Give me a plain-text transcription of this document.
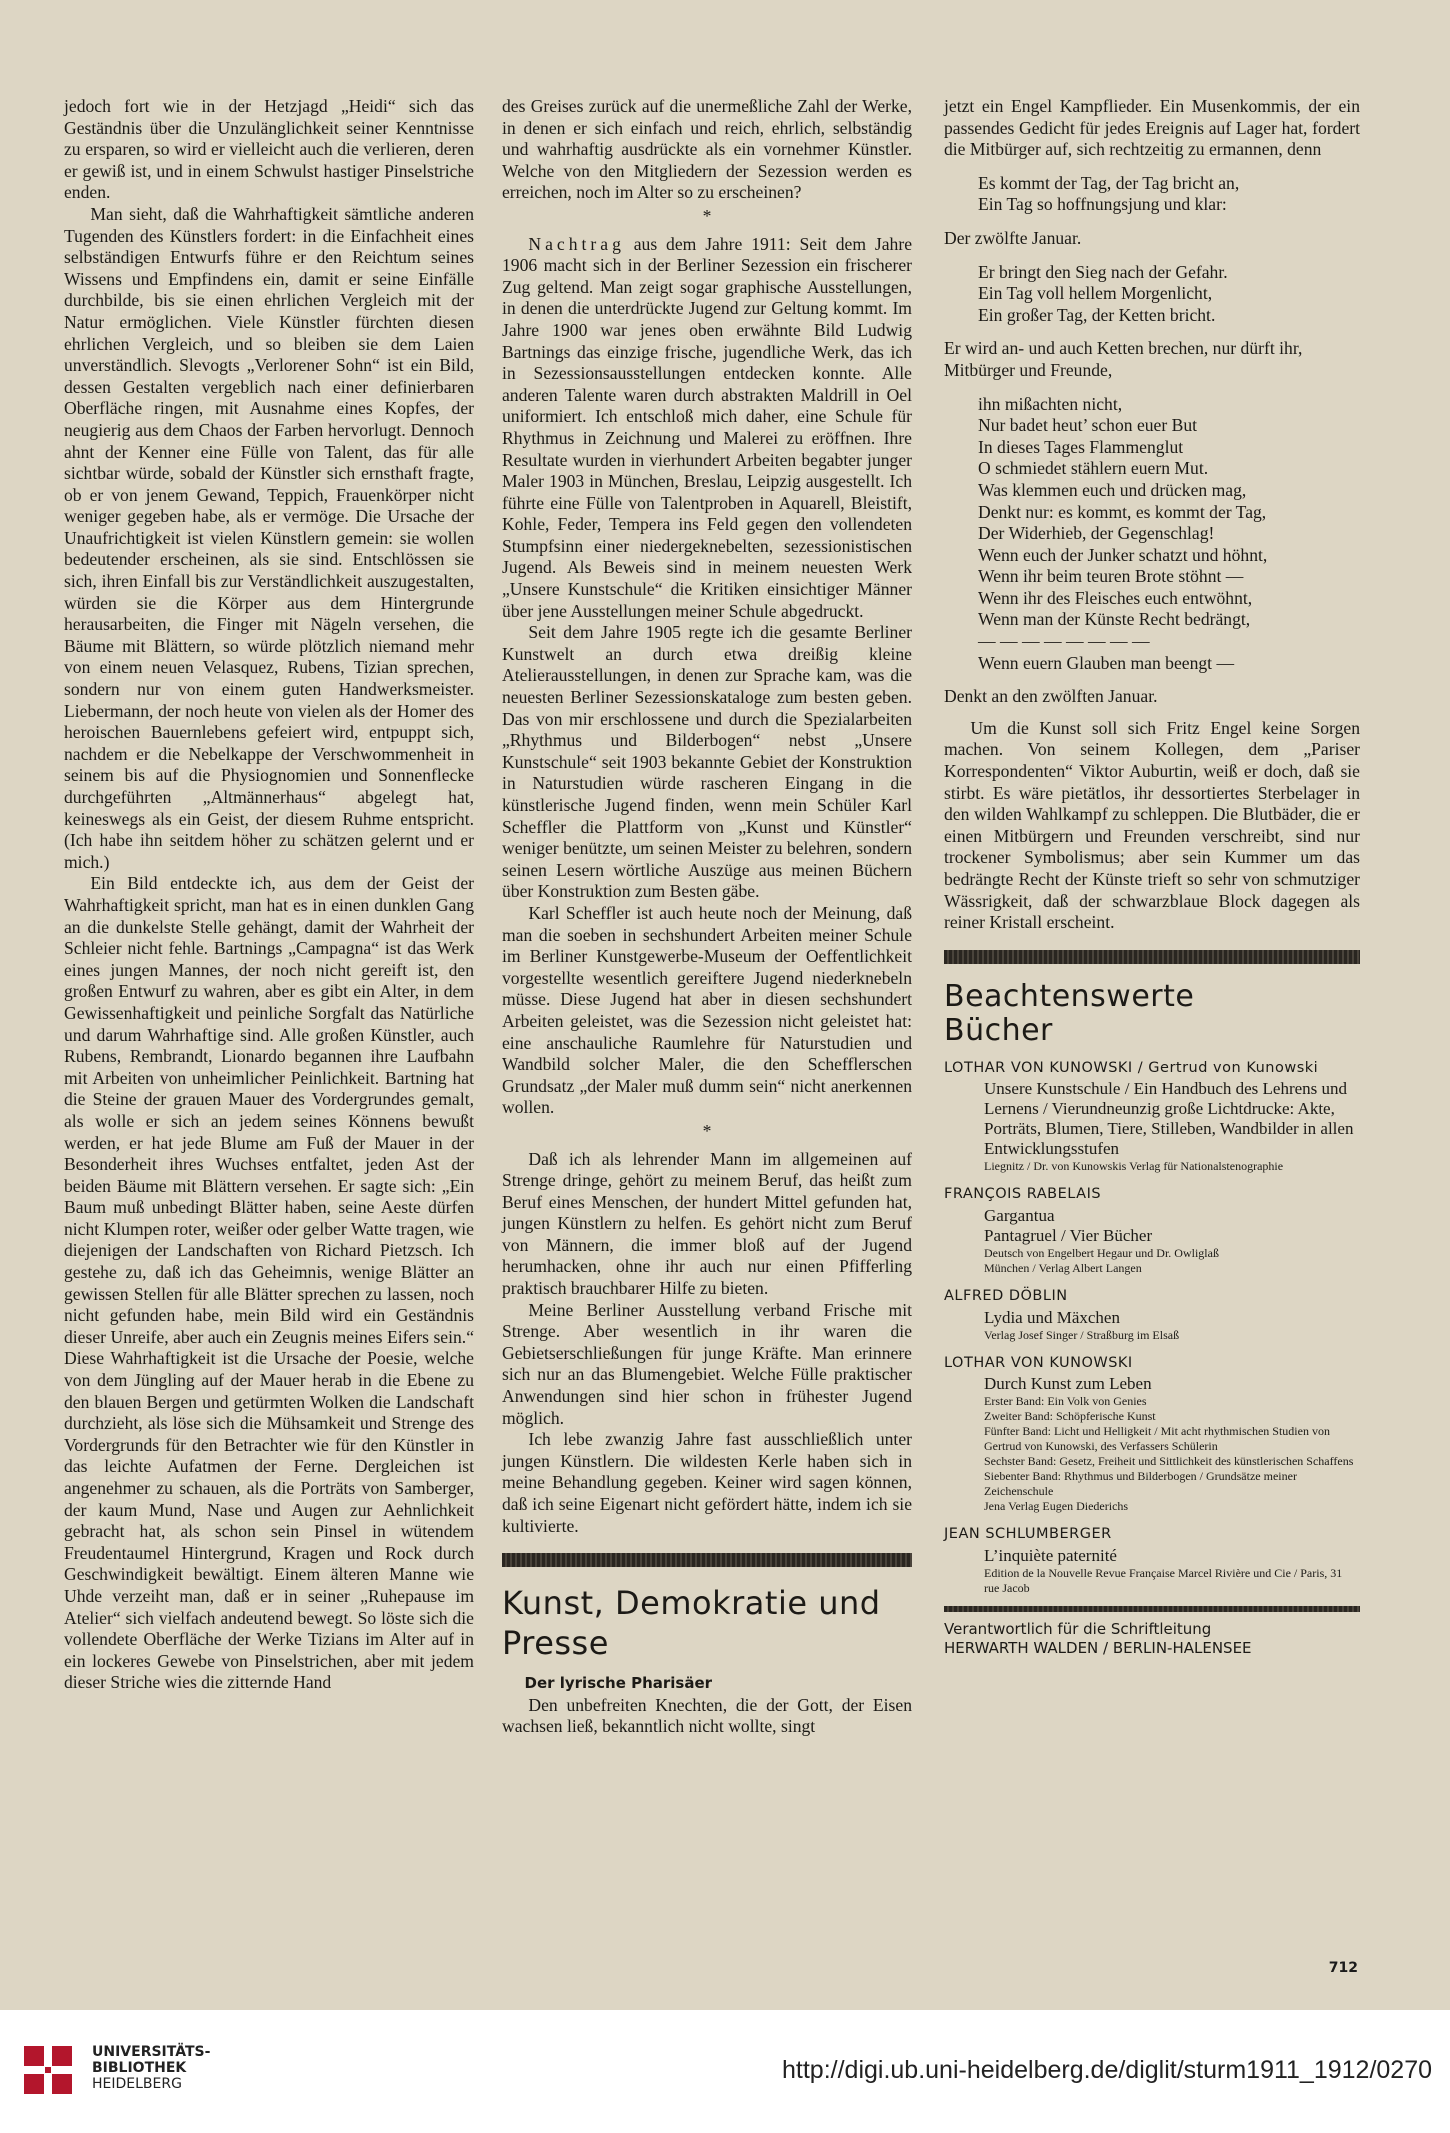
jedoch fort wie in der Hetzjagd „Heidi“ sich das Geständnis über die Unzulänglichkeit seiner Kenntnisse zu ersparen, so wird er vielleicht auch die verlieren, deren er gewiß ist, und in einem Schwulst hastiger Pinselstriche enden.

Man sieht, daß die Wahrhaftigkeit sämtliche anderen Tugenden des Künstlers fordert: in die Einfachheit eines selbständigen Entwurfs führe er den Reichtum seines Wissens und Empfindens ein, damit er seine Einfälle durchbilde, bis sie einen ehrlichen Vergleich mit der Natur ermöglichen. Viele Künstler fürchten diesen ehrlichen Vergleich, und so bleiben sie dem Laien unverständlich. Slevogts „Verlorener Sohn“ ist ein Bild, dessen Gestalten vergeblich nach einer definierbaren Oberfläche ringen, mit Ausnahme eines Kopfes, der neugierig aus dem Chaos der Farben hervorlugt. Dennoch ahnt der Kenner eine Fülle von Talent, das für alle sichtbar würde, sobald der Künstler sich ernsthaft fragte, ob er von jenem Gewand, Teppich, Frauenkörper nicht weniger gegeben habe, als er vermöge. Die Ursache der Unaufrichtigkeit ist vielen Künstlern gemein: sie wollen bedeutender erscheinen, als sie sind. Entschlössen sie sich, ihren Einfall bis zur Verständlichkeit auszugestalten, würden sie die Körper aus dem Hintergrunde herausarbeiten, die Finger mit Nägeln versehen, die Bäume mit Blättern, so würde plötzlich niemand mehr von einem neuen Velasquez, Rubens, Tizian sprechen, sondern nur von einem guten Handwerksmeister. Liebermann, der noch heute von vielen als der Homer des heroischen Bauernlebens gefeiert wird, entpuppt sich, nachdem er die Nebelkappe der Verschwommenheit in seinem bis auf die Physiognomien und Sonnenflecke durchgeführten „Altmännerhaus“ abgelegt hat, keineswegs als ein Geist, der diesem Ruhme entspricht. (Ich habe ihn seitdem höher zu schätzen gelernt und er mich.)

Ein Bild entdeckte ich, aus dem der Geist der Wahrhaftigkeit spricht, man hat es in einen dunklen Gang an die dunkelste Stelle gehängt, damit der Wahrheit der Schleier nicht fehle. Bartnings „Campagna“ ist das Werk eines jungen Mannes, der noch nicht gereift ist, den großen Entwurf zu wahren, aber es gibt ein Alter, in dem Gewissenhaftigkeit und peinliche Sorgfalt das Natürliche und darum Wahrhaftige sind. Alle großen Künstler, auch Rubens, Rembrandt, Lionardo begannen ihre Laufbahn mit Arbeiten von unheimlicher Peinlichkeit. Bartning hat die Steine der grauen Mauer des Vordergrundes gemalt, als wolle er sich an jedem seines Könnens bewußt werden, er hat jede Blume am Fuß der Mauer in der Besonderheit ihres Wuchses entfaltet, jeden Ast der beiden Bäume mit Blättern versehen. Er sagte sich: „Ein Baum muß unbedingt Blätter haben, seine Aeste dürfen nicht Klumpen roter, weißer oder gelber Watte tragen, wie diejenigen der Landschaften von Richard Pietzsch. Ich gestehe zu, daß ich das Geheimnis, wenige Blätter an gewissen Stellen für alle Blätter sprechen zu lassen, noch nicht gefunden habe, mein Bild wird ein Geständnis dieser Unreife, aber auch ein Zeugnis meines Eifers sein.“ Diese Wahrhaftigkeit ist die Ursache der Poesie, welche von dem Jüngling auf der Mauer herab in die Ebene zu den blauen Bergen und getürmten Wolken die Landschaft durchzieht, als löse sich die Mühsamkeit und Strenge des Vordergrunds für den Betrachter wie für den Künstler in das leichte Aufatmen der Ferne. Dergleichen ist angenehmer zu schauen, als die Porträts von Samberger, der kaum Mund, Nase und Augen zur Aehnlichkeit gebracht hat, als schon sein Pinsel in wütendem Freudentaumel Hintergrund, Kragen und Rock durch Geschwindigkeit bewältigt. Einem älteren Manne wie Uhde verzeiht man, daß er in seiner „Ruhepause im Atelier“ sich vielfach andeutend bewegt. So löste sich die vollendete Oberfläche der Werke Tizians im Alter auf in ein lockeres Gewebe von Pinselstrichen, aber mit jedem dieser Striche wies die zitternde Hand

des Greises zurück auf die unermeßliche Zahl der Werke, in denen er sich einfach und reich, ehrlich, selbständig und wahrhaftig ausdrückte als ein vornehmer Künstler. Welche von den Mitgliedern der Sezession werden es erreichen, noch im Alter so zu erscheinen?

*

Nachtrag aus dem Jahre 1911: Seit dem Jahre 1906 macht sich in der Berliner Sezession ein frischerer Zug geltend. Man zeigt sogar graphische Ausstellungen, in denen die unterdrückte Jugend zur Geltung kommt. Im Jahre 1900 war jenes oben erwähnte Bild Ludwig Bartnings das einzige frische, jugendliche Werk, das ich in Sezessionsausstellungen entdecken konnte. Alle anderen Talente waren durch abstrakten Maldrill in Oel uniformiert. Ich entschloß mich daher, eine Schule für Rhythmus in Zeichnung und Malerei zu eröffnen. Ihre Resultate wurden in vierhundert Arbeiten begabter junger Maler 1903 in München, Breslau, Leipzig ausgestellt. Ich führte eine Fülle von Talentproben in Aquarell, Bleistift, Kohle, Feder, Tempera ins Feld gegen den vollendeten Stumpfsinn einer niedergeknebelten, sezessionistischen Jugend. Als Beweis sind in meinem neuesten Werk „Unsere Kunstschule“ die Kritiken einsichtiger Männer über jene Ausstellungen meiner Schule abgedruckt.

Seit dem Jahre 1905 regte ich die gesamte Berliner Kunstwelt an durch etwa dreißig kleine Atelierausstellungen, in denen zur Sprache kam, was die neuesten Berliner Sezessionskataloge zum besten geben. Das von mir erschlossene und durch die Spezialarbeiten „Rhythmus und Bilderbogen“ nebst „Unsere Kunstschule“ seit 1903 bekannte Gebiet der Konstruktion in Naturstudien würde rascheren Eingang in die künstlerische Jugend finden, wenn mein Schüler Karl Scheffler die Plattform von „Kunst und Künstler“ weniger benützte, um seinen Meister zu belehren, sondern seinen Lesern wörtliche Auszüge aus meinen Büchern über Konstruktion zum Besten gäbe.

Karl Scheffler ist auch heute noch der Meinung, daß man die soeben in sechshundert Arbeiten meiner Schule im Berliner Kunstgewerbe-Museum der Oeffentlichkeit vorgestellte wesentlich gereiftere Jugend niederknebeln müsse. Diese Jugend hat aber in diesen sechshundert Arbeiten geleistet, was die Sezession nicht geleistet hat: eine anschauliche Raumlehre für Naturstudien und Wandbild solcher Maler, die den Schefflerschen Grundsatz „der Maler muß dumm sein“ nicht anerkennen wollen.

*

Daß ich als lehrender Mann im allgemeinen auf Strenge dringe, gehört zu meinem Beruf, das heißt zum Beruf eines Menschen, der hundert Mittel gefunden hat, jungen Künstlern zu helfen. Es gehört nicht zum Beruf von Männern, die immer bloß auf der Jugend herumhacken, ohne ihr auch nur einen Pfifferling praktisch brauchbarer Hilfe zu bieten.

Meine Berliner Ausstellung verband Frische mit Strenge. Aber wesentlich in ihr waren die Gebietserschließungen für junge Kräfte. Man erinnere sich nur an das Blumengebiet. Welche Fülle praktischer Anwendungen sind hier schon in frühester Jugend möglich.

Ich lebe zwanzig Jahre fast ausschließlich unter jungen Künstlern. Die wildesten Kerle haben sich in meine Behandlung gegeben. Keiner wird sagen können, daß ich seine Eigenart nicht gefördert hätte, indem ich sie kultivierte.

Kunst, Demokratie und Presse

Der lyrische Pharisäer

Den unbefreiten Knechten, die der Gott, der Eisen wachsen ließ, bekanntlich nicht wollte, singt

jetzt ein Engel Kampflieder. Ein Musenkommis, der ein passendes Gedicht für jedes Ereignis auf Lager hat, fordert die Mitbürger auf, sich rechtzeitig zu ermannen, denn

Es kommt der Tag, der Tag bricht an,
Ein Tag so hoffnungsjung und klar:
Der zwölfte Januar.
Er bringt den Sieg nach der Gefahr.
Ein Tag voll hellem Morgenlicht,
Ein großer Tag, der Ketten bricht.
Er wird an- und auch Ketten brechen, nur dürft ihr, Mitbürger und Freunde,
ihn mißachten nicht,
Nur badet heut’ schon euer But
In dieses Tages Flammenglut
O schmiedet stählern euern Mut.
Was klemmen euch und drücken mag,
Denkt nur: es kommt, es kommt der Tag,
Der Widerhieb, der Gegenschlag!
Wenn euch der Junker schatzt und höhnt,
Wenn ihr beim teuren Brote stöhnt —
Wenn ihr des Fleisches euch entwöhnt,
Wenn man der Künste Recht bedrängt,
— — — — — — — —
Wenn euern Glauben man beengt —
Denkt an den zwölften Januar.

Um die Kunst soll sich Fritz Engel keine Sorgen machen. Von seinem Kollegen, dem „Pariser Korrespondenten“ Viktor Auburtin, weiß er doch, daß sie stirbt. Es wäre pietätlos, ihr dessortiertes Sterbelager in den wilden Wahlkampf zu schleppen. Die Blutbäder, die er einen Mitbürgern und Freunden verschreibt, sind nur trockener Symbolismus; aber sein Kummer um das bedrängte Recht der Künste trieft so sehr von schmutziger Wässrigkeit, daß der schwarzblaue Block dagegen als reiner Kristall erscheint.

Beachtenswerte Bücher
LOTHAR VON KUNOWSKI / Gertrud von Kunowski
Unsere Kunstschule / Ein Handbuch des Lehrens und Lernens / Vierundneunzig große Lichtdrucke: Akte, Porträts, Blumen, Tiere, Stilleben, Wandbilder in allen Entwicklungsstufen
Liegnitz / Dr. von Kunowskis Verlag für Nationalstenographie
FRANÇOIS RABELAIS
Gargantua
Pantagruel / Vier Bücher
Deutsch von Engelbert Hegaur und Dr. Owliglaß
München / Verlag Albert Langen
ALFRED DÖBLIN
Lydia und Mäxchen
Verlag Josef Singer / Straßburg im Elsaß
LOTHAR VON KUNOWSKI
Durch Kunst zum Leben
Erster Band: Ein Volk von Genies
Zweiter Band: Schöpferische Kunst
Fünfter Band: Licht und Helligkeit / Mit acht rhythmischen Studien von Gertrud von Kunowski, des Verfassers Schülerin
Sechster Band: Gesetz, Freiheit und Sittlichkeit des künstlerischen Schaffens
Siebenter Band: Rhythmus und Bilderbogen / Grundsätze meiner Zeichenschule
Jena Verlag Eugen Diederichs
JEAN SCHLUMBERGER
L’inquiète paternité
Edition de la Nouvelle Revue Française Marcel Rivière und Cie / Paris, 31 rue Jacob
Verantwortlich für die Schriftleitung
HERWARTH WALDEN / BERLIN-HALENSEE
712
UNIVERSITÄTS-
BIBLIOTHEK
HEIDELBERG	http://digi.ub.uni-heidelberg.de/diglit/sturm1911_1912/0270
